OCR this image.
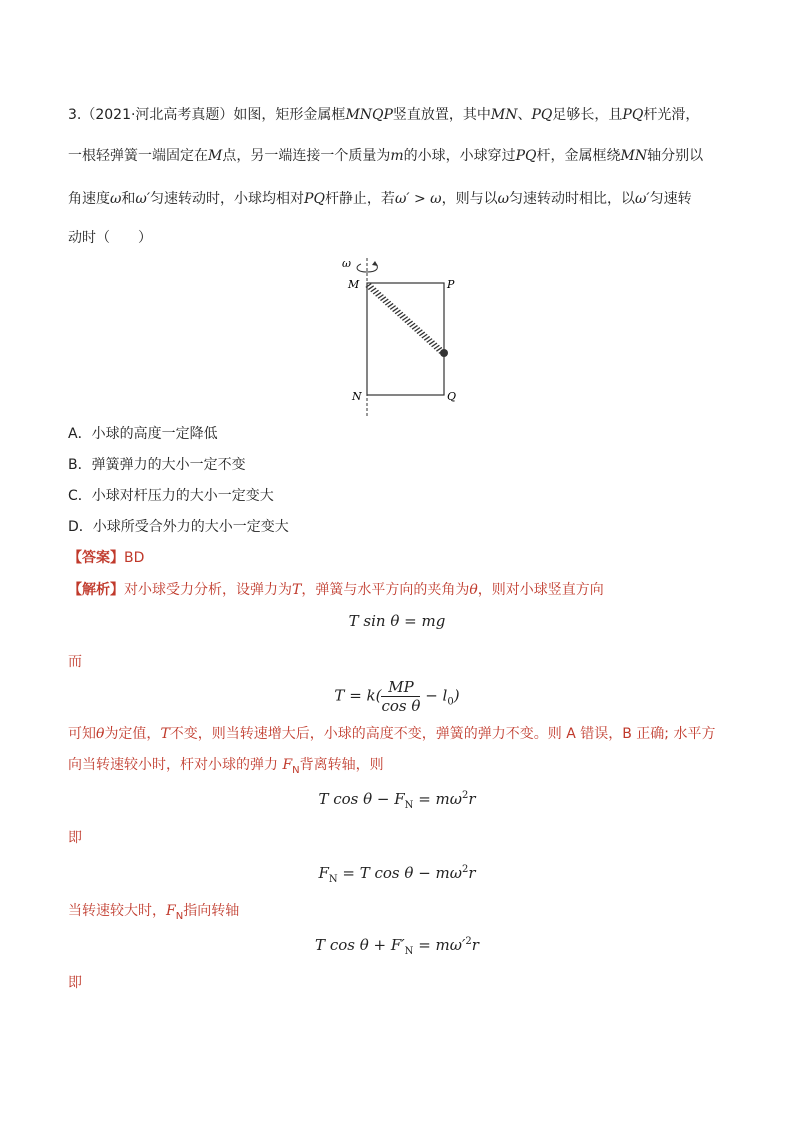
3.（2021·河北高考真题）如图，矩形金属框MNQP竖直放置，其中MN、PQ足够长，且PQ杆光滑，
一根轻弹簧一端固定在M点，另一端连接一个质量为m的小球，小球穿过PQ杆，金属框绕MN轴分别以
角速度ω和ω′匀速转动时，小球均相对PQ杆静止，若ω′ > ω，则与以ω匀速转动时相比，以ω′匀速转
动时（　　）
ω
M	P
N	Q
A．小球的高度一定降低
B．弹簧弹力的大小一定不变
C．小球对杆压力的大小一定变大
D．小球所受合外力的大小一定变大
【答案】BD
【解析】对小球受力分析，设弹力为T，弹簧与水平方向的夹角为θ，则对小球竖直方向
T sin θ = mg
而
$T = k( \frac{MP}{\text{cos θ}} - l_0)$
可知θ为定值，T不变，则当转速增大后，小球的高度不变，弹簧的弹力不变。则 A 错误，B 正确; 水平方
向当转速较小时，杆对小球的弹力 $F_N$背离转轴，则
T $\cos \theta - F_N = m\omega^2r$
即
$F_N = T$ $\cos \theta - m\omega^2r$
当转速较大时，$F_N$指向转轴
T $\cos \theta + F'_N = m\omega'^2r$
即
